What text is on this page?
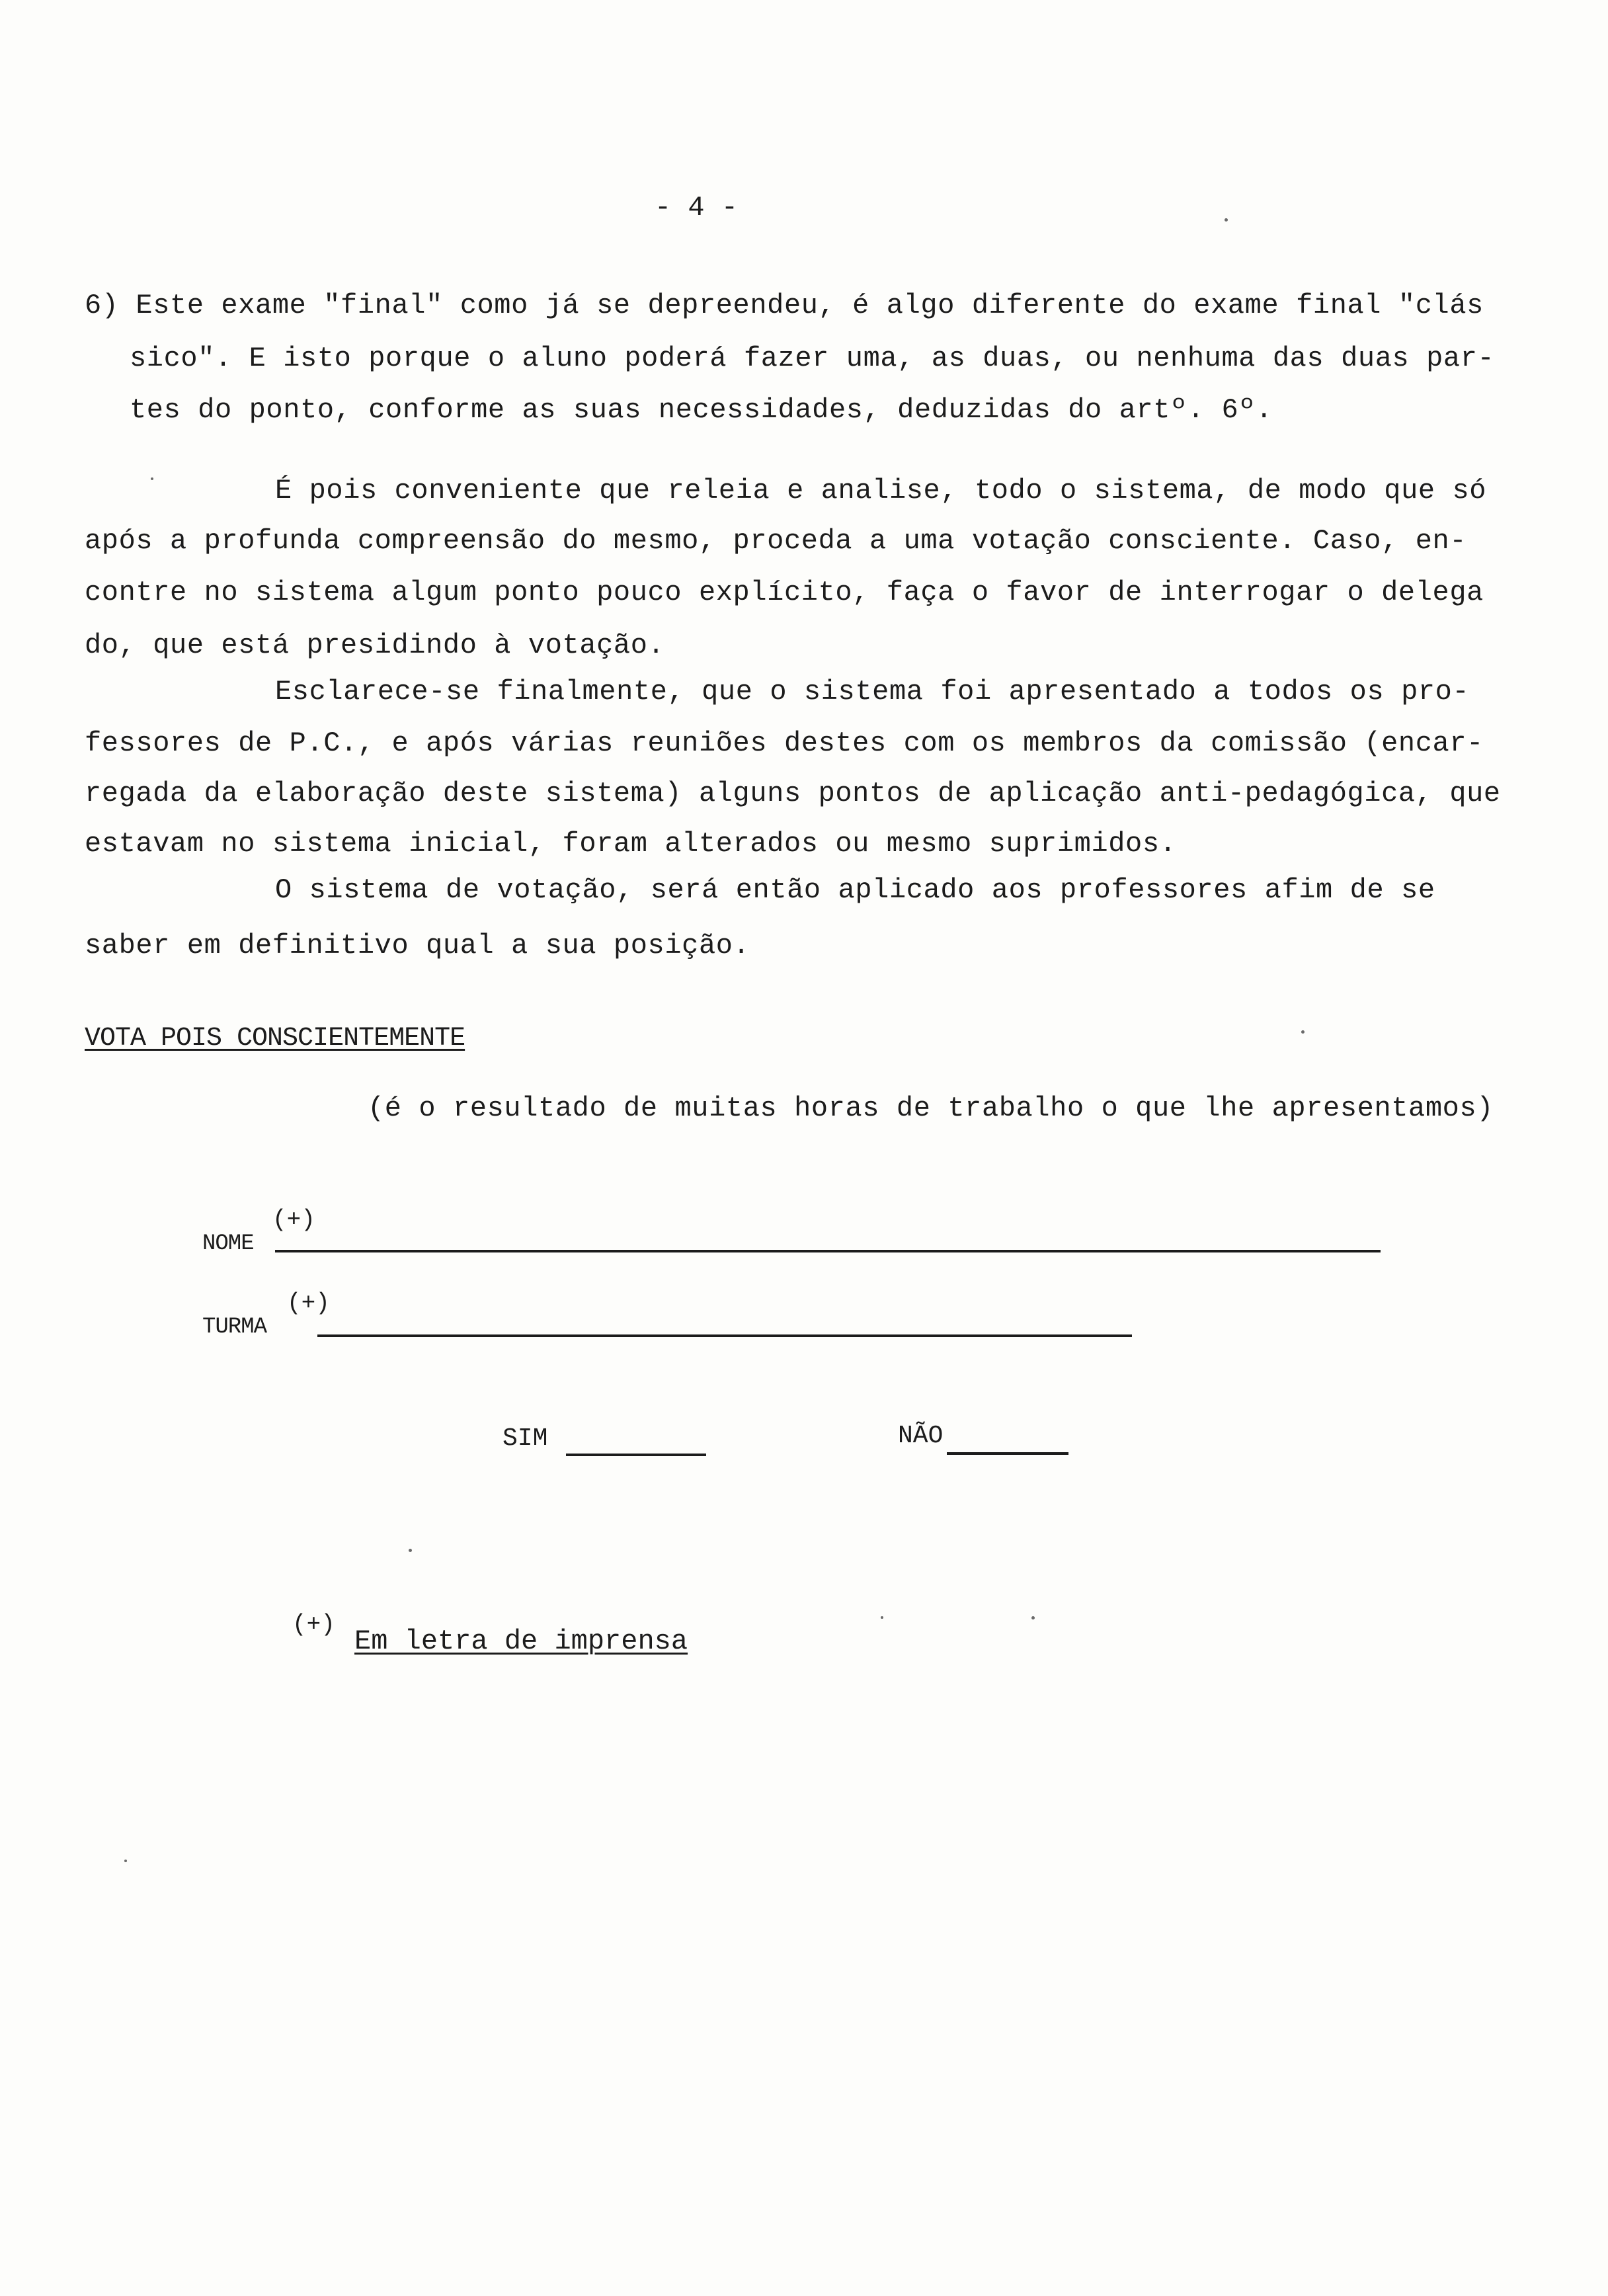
- 4 -
6) Este exame "final" como já se depreendeu, é algo diferente do exame final "clás
sico". E isto porque o aluno poderá fazer uma, as duas, ou nenhuma das duas par-
tes do ponto, conforme as suas necessidades, deduzidas do artº. 6º.
É pois conveniente que releia e analise, todo o sistema, de modo que só
após a profunda compreensão do mesmo, proceda a uma votação consciente. Caso, en-
contre no sistema algum ponto pouco explícito, faça o favor de interrogar o delega
do, que está presidindo à votação.
Esclarece-se finalmente, que o sistema foi apresentado a todos os pro-
fessores de P.C., e após várias reuniões destes com os membros da comissão (encar-
regada da elaboração deste sistema) alguns pontos de aplicação anti-pedagógica, que
estavam no sistema inicial, foram alterados ou mesmo suprimidos.
O sistema de votação, será então aplicado aos professores afim de se
saber em definitivo qual a sua posição.
VOTA POIS CONSCIENTEMENTE
(é o resultado de muitas horas de trabalho o que lhe apresentamos)
NOME
(+)
TURMA
(+)
SIM	NÃO
(+)
Em letra de imprensa
